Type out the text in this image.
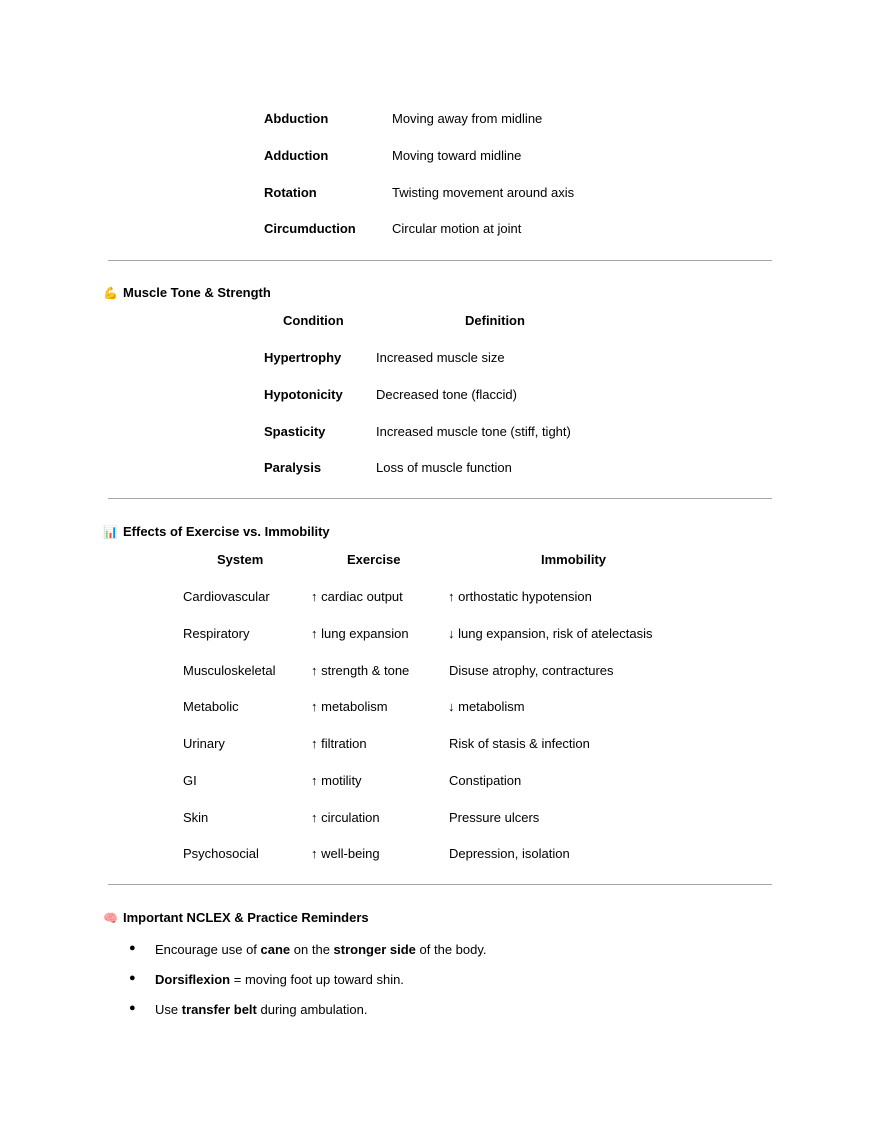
Abduction	Moving away from midline
Adduction	Moving toward midline
Rotation	Twisting movement around axis
Circumduction	Circular motion at joint
💪 Muscle Tone & Strength
Condition	Definition
Hypertrophy	Increased muscle size
Hypotonicity	Decreased tone (flaccid)
Spasticity	Increased muscle tone (stiff, tight)
Paralysis	Loss of muscle function
📊 Effects of Exercise vs. Immobility
System	Exercise	Immobility
Cardiovascular	↑ cardiac output	↑ orthostatic hypotension
Respiratory	↑ lung expansion	↓ lung expansion, risk of atelectasis
Musculoskeletal	↑ strength & tone	Disuse atrophy, contractures
Metabolic	↑ metabolism	↓ metabolism
Urinary	↑ filtration	Risk of stasis & infection
GI	↑ motility	Constipation
Skin	↑ circulation	Pressure ulcers
Psychosocial	↑ well-being	Depression, isolation
🧠 Important NCLEX & Practice Reminders
● Encourage use of cane on the stronger side of the body.
● Dorsiflexion = moving foot up toward shin.
● Use transfer belt during ambulation.
